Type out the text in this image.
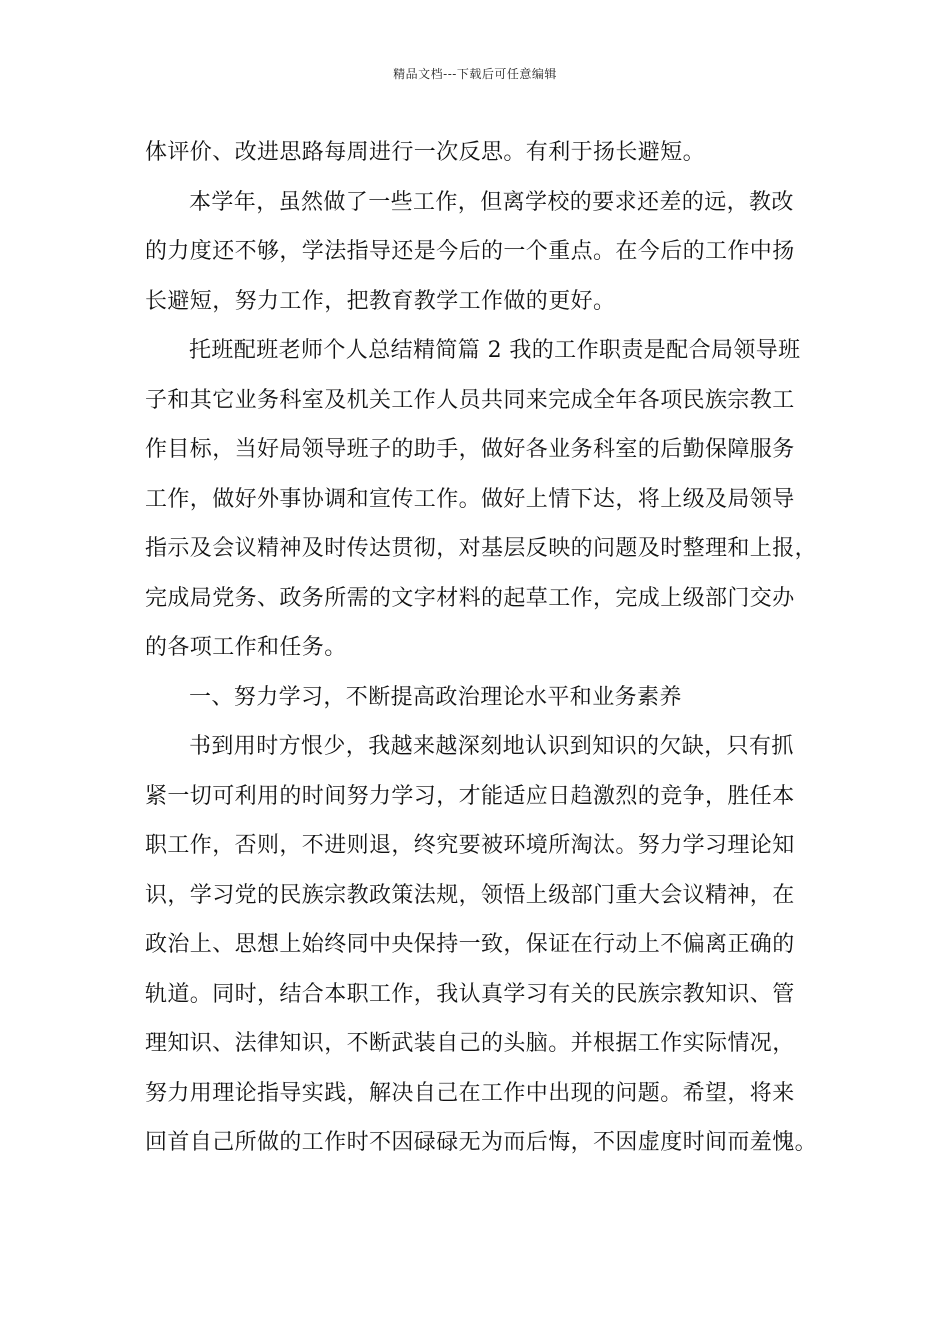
精品文档---下载后可任意编辑
体评价、改进思路每周进行一次反思。有利于扬长避短。
本学年，虽然做了一些工作，但离学校的要求还差的远，教改
的力度还不够，学法指导还是今后的一个重点。在今后的工作中扬
长避短，努力工作，把教育教学工作做的更好。
托班配班老师个人总结精简篇 2 我的工作职责是配合局领导班
子和其它业务科室及机关工作人员共同来完成全年各项民族宗教工
作目标，当好局领导班子的助手，做好各业务科室的后勤保障服务
工作，做好外事协调和宣传工作。做好上情下达，将上级及局领导
指示及会议精神及时传达贯彻，对基层反映的问题及时整理和上报，
完成局党务、政务所需的文字材料的起草工作，完成上级部门交办
的各项工作和任务。
一、努力学习，不断提高政治理论水平和业务素养
书到用时方恨少，我越来越深刻地认识到知识的欠缺，只有抓
紧一切可利用的时间努力学习，才能适应日趋激烈的竞争，胜任本
职工作，否则，不进则退，终究要被环境所淘汰。努力学习理论知
识，学习党的民族宗教政策法规，领悟上级部门重大会议精神，在
政治上、思想上始终同中央保持一致，保证在行动上不偏离正确的
轨道。同时，结合本职工作，我认真学习有关的民族宗教知识、管
理知识、法律知识，不断武装自己的头脑。并根据工作实际情况，
努力用理论指导实践，解决自己在工作中出现的问题。希望，将来
回首自己所做的工作时不因碌碌无为而后悔，不因虚度时间而羞愧。
